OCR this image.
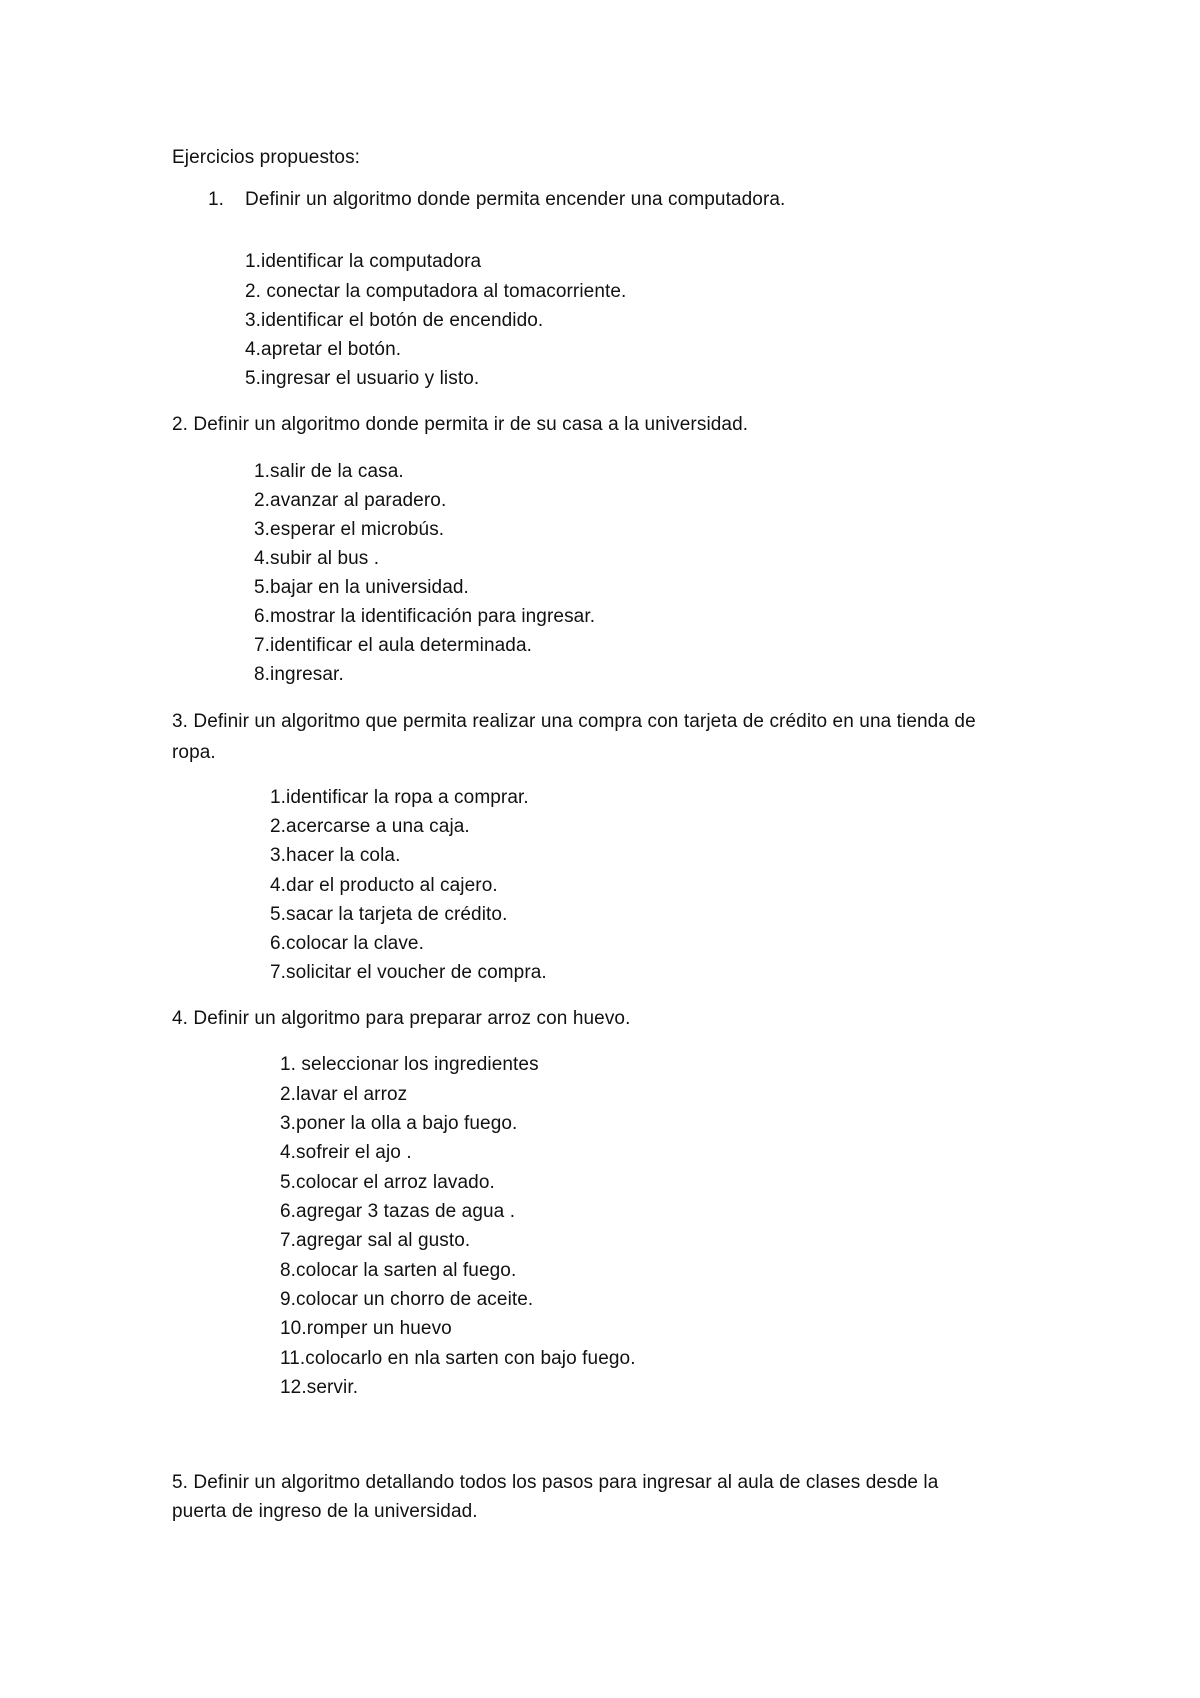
Ejercicios propuestos:
1. Definir un algoritmo donde permita encender una computadora.
1.identificar la computadora
2. conectar la computadora al tomacorriente.
3.identificar el botón de encendido.
4.apretar el botón.
5.ingresar el usuario y listo.
2. Definir un algoritmo donde permita ir de su casa a la universidad.
1.salir de la casa.
2.avanzar al paradero.
3.esperar el microbús.
4.subir al bus .
5.bajar en la universidad.
6.mostrar la identificación para ingresar.
7.identificar el aula determinada.
8.ingresar.
3. Definir un algoritmo que permita realizar una compra con tarjeta de crédito en una tienda de
ropa.
1.identificar la ropa a comprar.
2.acercarse a una caja.
3.hacer la cola.
4.dar el producto al cajero.
5.sacar la tarjeta de crédito.
6.colocar la clave.
7.solicitar el voucher de compra.
4. Definir un algoritmo para preparar arroz con huevo.
1. seleccionar los ingredientes
2.lavar el arroz
3.poner la olla a bajo fuego.
4.sofreir el ajo .
5.colocar el arroz lavado.
6.agregar 3 tazas de agua .
7.agregar sal al gusto.
8.colocar la sarten al fuego.
9.colocar un chorro de aceite.
10.romper un huevo
11.colocarlo en nla sarten con bajo fuego.
12.servir.
5. Definir un algoritmo detallando todos los pasos para ingresar al aula de clases desde la
puerta de ingreso de la universidad.
